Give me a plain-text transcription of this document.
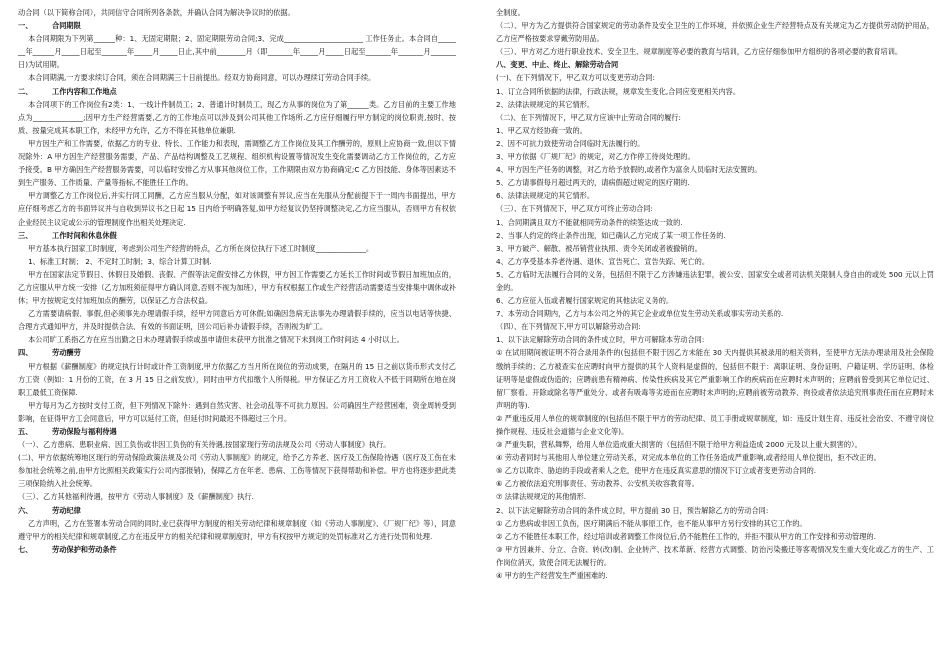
动合同（以下简称合同），共同信守合同所列各条款，并确认合同为解决争议时的依据。

一、	合同期限

本合同期限为下列第______种：1、无固定期限；2、固定期限劳动合同;3、完成______________________ 工作任务止。本合同自_______年______月_____日起至_______年_____月_____日止,其中前________月（即_______年_____月_____日起至_______年_______月_______日)为试用期。

本合同期满,一方要求续订合同，须在合同期满三十日前提出。经双方协商同意，可以办理续订劳动合同手续。

二、	工作内容和工作地点

本合同项下的工作岗位有2类：1、一线计件制员工；2、普通计时制员工，现乙方从事的岗位为了第______类。乙方目前的主要工作地点为______________;因甲方生产经营需要,乙方的工作地点可以涉及到公司其他工作场所.乙方应仔细履行甲方制定的岗位职责,按时、按质、按量完成其本职工作，未经甲方允许，乙方不得在其他单位兼职.

甲方因生产和工作需要，依据乙方的专业、特长、工作能力和表现，需调整乙方工作岗位及其工作酬劳的，原则上应协商一致,但以下情况除外：A 甲方因生产经营服务需要，产品、产品结构调整及工艺规程、组织机构设置等情况发生变化需要调动乙方工作岗位的，乙方应予接受。B 甲方确因生产经营服务需要，可以临时安排乙方从事其他岗位工作，工作期限由双方协商确定;C 乙方因技能、身体等因素达不到生产服务、工作质量、产量等指标,不能胜任工作的。

甲方调整乙方工作岗位后,并实行同工同酬，乙方应当服从分配，如对该调整有异议,应当在先服从分配前提下于一周内书面提出，甲方应仔细考虑乙方的书面异议并与自收到异议书之日起 15 日内给予明确答复,如甲方经复议仍坚持调整决定,乙方应当服从，否则甲方有权依企业经民主议定或公示的管理制度作出相关处理决定.

三、	工作时间和休息休假

甲方基本执行国家工时制度，考虑到公司生产经营的特点，乙方所在岗位执行下述工时制度______________。

1、标准工时制； 2、不定时工时制；3、综合计算工时制.

甲方在国家法定节假日、休假日及婚假、丧假、产假等法定假安排乙方休假，甲方因工作需要乙方延长工作时间或节假日加班加点的，乙方应服从甲方统一安排（乙方加班须征得甲方确认同意,否则不视为加班），甲方有权根据工作或生产经营活动需要适当安排集中调休或补休；甲方按规定支付加班加点的酬劳，以保证乙方合法权益。

乙方需要请病假、事假,但必须事先办理请假手续，经甲方同意后方可休假;如确因急病无法事先办理请假手续的，应当以电话等快捷、合理方式通知甲方，并及时提供合法、有效的书面证明，回公司后补办请假手续，否则视为旷工。

本公司旷工系指乙方在应当出勤之日未办理请假手续或虽申请但未获甲方批准之情况下未到岗工作时间达 4 小时以上。

四、	劳动酬劳

甲方根据《薪酬制度》的规定执行计时或计件工资制度,甲方依据乙方当月所在岗位的劳动成果，在隔月的 15 日之前以货币形式支付乙方工资（例如：1 月份的工资，在 3 月 15 日之前发放），同时由甲方代扣缴个人所得税。甲方保证乙方月工资收入不低于同期所在地在岗职工最低工资保障.

甲方每月为乙方按时支付工资，但下列情况下除外：遇到自然灾害、社会动乱等不可抗力原因。公司确因生产经营困难，资金周转受到影响，在征得甲方工会同意后，甲方可以延付工资，但延付时间最迟不得超过三个月。

五、	劳动保险与福利待遇

（一）、乙方患病、患职业病、因工负伤或非因工负伤的有关待遇,按国家现行劳动法规及公司《劳动人事制度》执行。

(二)、甲方依据统筹地区现行的劳动保险政策法规及公司《劳动人事制度》的规定，给予乙方养老、医疗及工伤保险待遇（医疗及工伤在未参加社会统筹之前,由甲方比照相关政策实行公司内部报销)，保障乙方在年老、患病、工伤等情况下获得帮助和补偿。甲方也将逐步把此类三项保险纳入社会统筹。

（三）、乙方其他福利待遇，按甲方《劳动人事制度》及《薪酬制度》执行.

六、	劳动纪律

乙方声明，乙方在签署本劳动合同的同时,业已获得甲方制度的相关劳动纪律和规章制度（如《劳动人事制度》、《厂规厂纪》等），同意遵守甲方的相关纪律和规章制度,乙方在违反甲方的相关纪律和规章制度时，甲方有权按甲方规定的处罚标准对乙方进行处罚和处理.

七、	劳动保护和劳动条件

全制度。

（二）、甲方为乙方提供符合国家规定的劳动条件及安全卫生的工作环境，并依照企业生产经营特点及有关规定为乙方提供劳动防护用品，乙方应严格按要求穿戴劳防用品。

（三）、甲方对乙方进行职业技术、安全卫生、规章制度等必要的教育与培训，乙方应仔细参加甲方组织的各项必要的教育培训。

八、变更、中止、终止、解除劳动合同

(一)、在下列情况下，甲乙双方可以变更劳动合同:

1、订立合同所依据的法律，行政法规，规章发生变化,合同应变更相关内容。

2、法律法规规定的其它情形。

（二)、在下列情况下，甲乙双方应该中止劳动合同的履行:

1、甲乙双方经协商一致的。

2、因不可抗力致使劳动合同临时无法履行的。

3、甲方依据《厂规厂纪》的规定，对乙方作停工待岗处理的。

4、甲方因生产任务的调整，对乙方给予放假的,或者作为富余人员临时无法安置的。

5、乙方请事假每月超过两天的，请病假超过规定的医疗期的.

6、法律法规规定的其它情形。

（三）、在下列情况下，甲乙双方可终止劳动合同:

1、合同期满且双方不能就相同劳动条件的续签达成一致的.

2、当事人约定的终止条件出现，如已确认乙方完成了某一项工作任务的.

3、甲方破产、解散、被吊销营业执照、责令关闭或者被撤销的。

4、乙方享受基本养老待遇、退休、宣告死亡、宣告失踪、死亡的。

5、乙方临时无法履行合同的义务，包括但不限于乙方涉嫌违法犯罪，被公安、国家安全或者司法机关限制人身自由的或处 500 元以上罚金的。

6、乙方应征入伍或者履行国家规定的其他法定义务的。

7、本劳动合同期内，乙方与本公司之外的其它企业或单位发生劳动关系或事实劳动关系的.

（四）、在下列情况下,甲方可以解除劳动合同:

1、以下法定解除劳动合同的条件成立时，甲方可解除本劳动合同:

① 在试用期间被证明不符合录用条件的(包括但不限于因乙方未能在 30 天内提供其被录用的相关资料，至使甲方无法办理录用及社会保险缴纳手续的；乙方被查实在应聘时向甲方提供的其个人资料是虚假的，包括但不限于：离职证明、身份证明、户籍证明、学历证明、体检证明等是虚假或伪造的；应聘前患有精神病、传染性疾病及其它严重影响工作的疾病而在应聘时未声明的；应聘前曾受到其它单位记过、留厂察看、开除或除名等严重处分、或者有吸毒等劣迹而在应聘时未声明的;应聘前被劳动教养、拘役或者依法追究刑事责任而在应聘时未声明的等).

② 严重违反用人单位的规章制度的(包括但不限于甲方的劳动纪律、员工手册或规章制度，如：违反计划生育、违反社会治安、不遵守岗位操作规程、违反社会道德与企业文化等)。

③ 严重失职，营私舞弊，给用人单位造成重大损害的（包括但不限于给甲方利益造成 2000 元及以上重大损害的）。

④ 劳动者同时与其他用人单位建立劳动关系，对完成本单位的工作任务造成严重影响,或者经用人单位提出，拒不改正的。

⑤ 乙方以欺诈、胁迫的手段或者乘人之危，使甲方在违反真实意思的情况下订立或者变更劳动合同的.

⑥ 乙方被依法追究刑事责任、劳动教养、公安机关收容教育等。

⑦ 法律法规规定的其他情形.

2、以下法定解除劳动合同的条件成立时，甲方提前 30 日，预告解除乙方的劳动合同:

① 乙方患病或非因工负伤，医疗期满后不能从事原工作，也不能从事甲方另行安排的其它工作的。

② 乙方不能胜任本职工作，经过培训或者调整工作岗位后,仍不能胜任工作的，并拒不服从甲方的工作安排和劳动管理的.

③ 甲方因兼并、分立、合资、转(改)制、企业转产、技术革新、经营方式调整、防治污染搬迁等客观情况发生重大变化或乙方的生产、工作岗位消灭，致使合同无法履行的。

④ 甲方的生产经营发生严重困难的.
